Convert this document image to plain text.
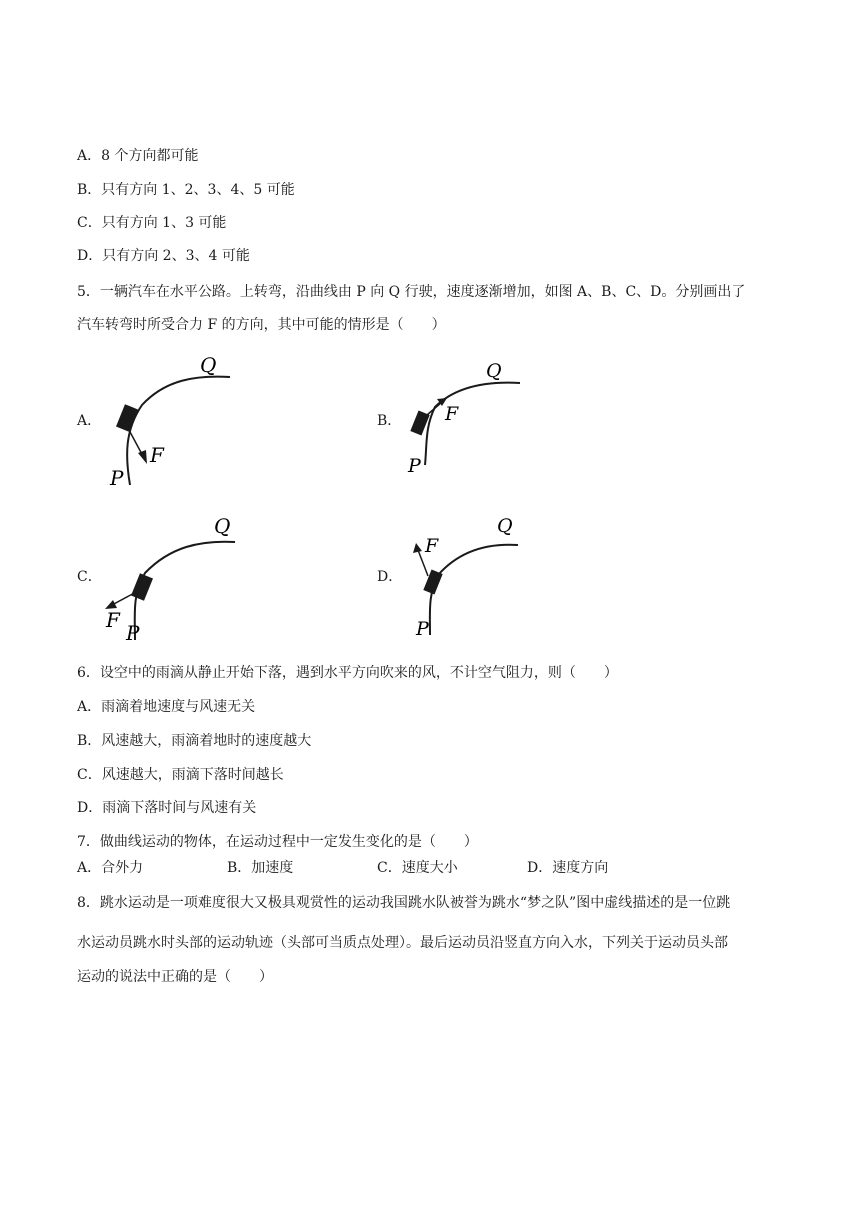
A．8 个方向都可能
B．只有方向 1、2、3、4、5 可能
C．只有方向 1、3 可能
D．只有方向 2、3、4 可能
5．一辆汽车在水平公路。上转弯，沿曲线由 P 向 Q 行驶，速度逐渐增加，如图 A、B、C、D。分别画出了
汽车转弯时所受合力 F 的方向，其中可能的情形是（　　）
A．
P
Q
F
B．
P
Q
F
C．
P
Q
F
D．
P
Q
F
6．设空中的雨滴从静止开始下落，遇到水平方向吹来的风，不计空气阻力，则（　　）
A．雨滴着地速度与风速无关
B．风速越大，雨滴着地时的速度越大
C．风速越大，雨滴下落时间越长
D．雨滴下落时间与风速有关
7．做曲线运动的物体，在运动过程中一定发生变化的是（　　）
A．合外力	B．加速度	C．速度大小	D．速度方向
8．跳水运动是一项难度很大又极具观赏性的运动我国跳水队被誉为跳水“梦之队”图中虚线描述的是一位跳
水运动员跳水时头部的运动轨迹（头部可当质点处理）。最后运动员沿竖直方向入水，下列关于运动员头部
运动的说法中正确的是（　　）
